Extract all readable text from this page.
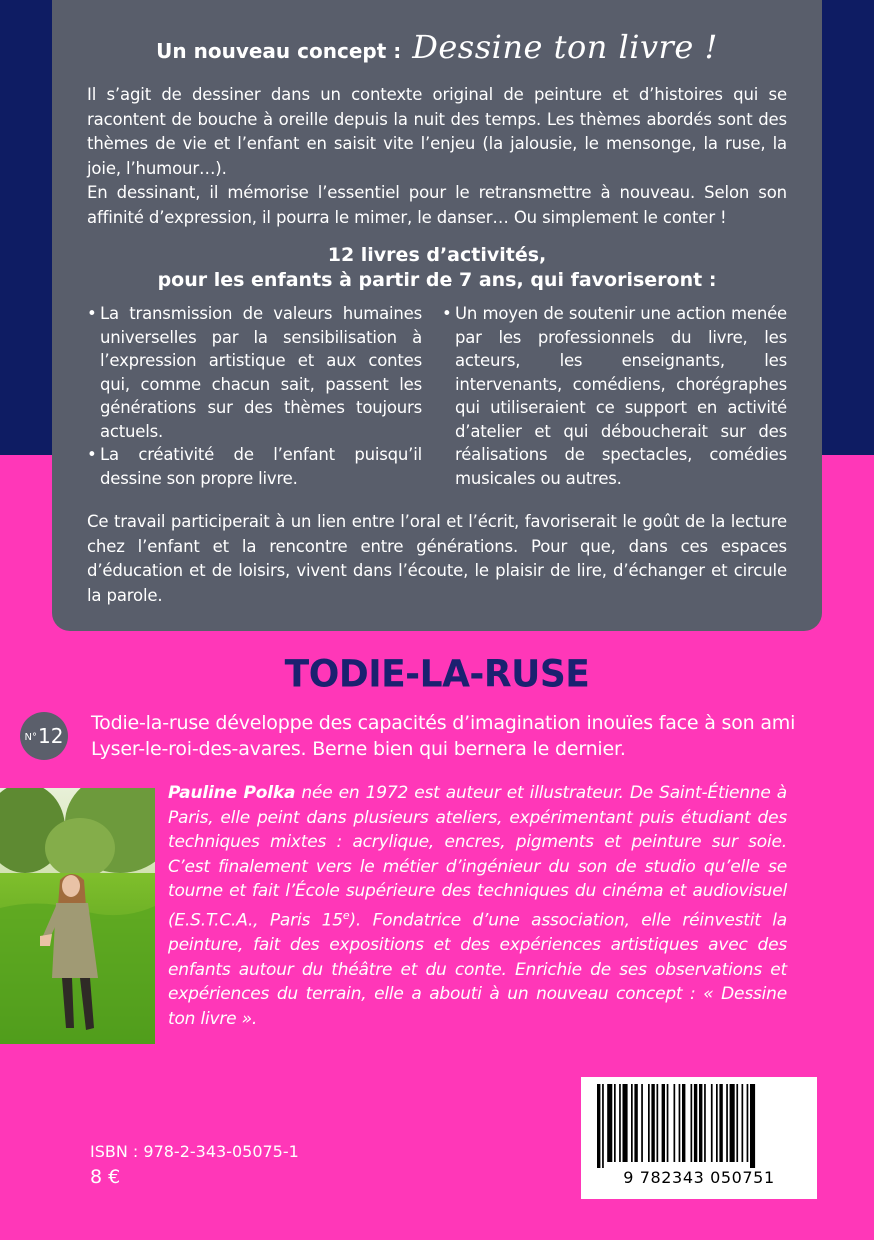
Un nouveau concept : Dessine ton livre !

Il s’agit de dessiner dans un contexte original de peinture et d’histoires qui se racontent de bouche à oreille depuis la nuit des temps. Les thèmes abordés sont des thèmes de vie et l’enfant en saisit vite l’enjeu (la jalousie, le mensonge, la ruse, la joie, l’humour…).

En dessinant, il mémorise l’essentiel pour le retransmettre à nouveau. Selon son affinité d’expression, il pourra le mimer, le danser… Ou simplement le conter !

12 livres d’activités,
pour les enfants à partir de 7 ans, qui favoriseront :
• La transmission de valeurs humaines universelles par la sensibilisation à l’expression artistique et aux contes qui, comme chacun sait, passent les générations sur des thèmes toujours actuels.
• La créativité de l’enfant puisqu’il dessine son propre livre.
• Un moyen de soutenir une action menée par les professionnels du livre, les acteurs, les enseignants, les intervenants, comédiens, chorégraphes qui utiliseraient ce support en activité d’atelier et qui déboucherait sur des réalisations de spectacles, comédies musicales ou autres.
Ce travail participerait à un lien entre l’oral et l’écrit, favoriserait le goût de la lecture chez l’enfant et la rencontre entre générations. Pour que, dans ces espaces d’éducation et de loisirs, vivent dans l’écoute, le plaisir de lire, d’échanger et circule la parole.
TODIE-LA-RUSE
N° 12
Todie-la-ruse développe des capacités d’imagination inouïes face à son ami Lyser-le-roi-des-avares. Berne bien qui bernera le dernier.
Pauline Polka née en 1972 est auteur et illustrateur. De Saint-Étienne à Paris, elle peint dans plusieurs ateliers, expérimentant puis étudiant des techniques mixtes : acrylique, encres, pigments et peinture sur soie. C’est finalement vers le métier d’ingénieur du son de studio qu’elle se tourne et fait l’École supérieure des techniques du cinéma et audiovisuel (E.S.T.C.A., Paris 15e). Fondatrice d’une association, elle réinvestit la peinture, fait des expositions et des expériences artistiques avec des enfants autour du théâtre et du conte. Enrichie de ses observations et expériences du terrain, elle a abouti à un nouveau concept : « Dessine ton livre ».
9 782343 050751
ISBN : 978-2-343-05075-1
8 €
